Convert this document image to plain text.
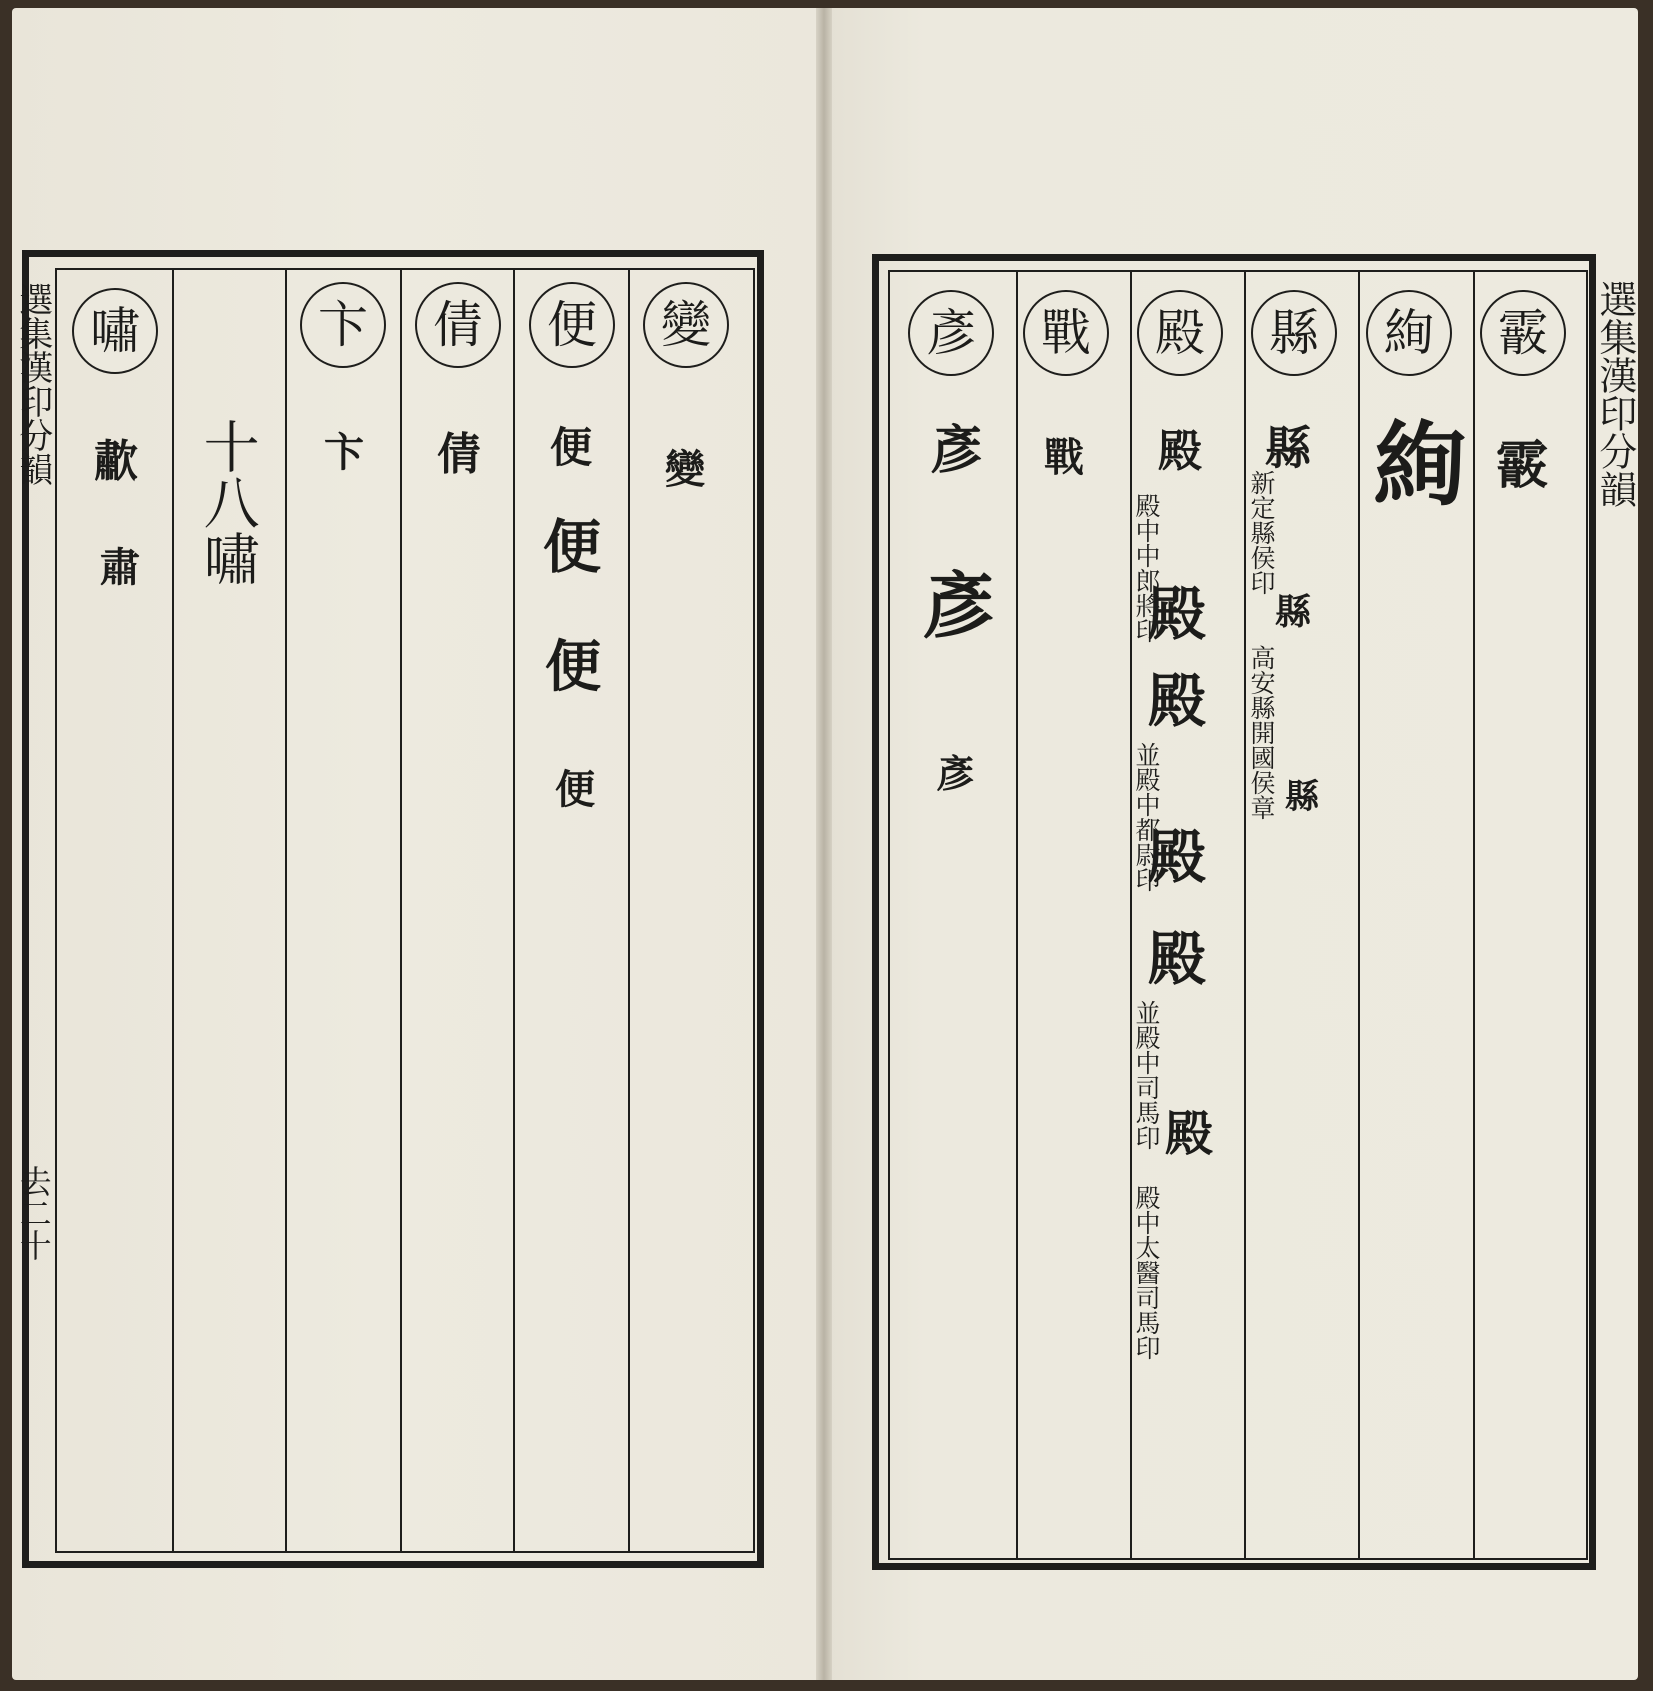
選集漢印分韻
去二十
變
變
便
便
便
便
便
倩
倩
卞
卞
十八嘯
嘯
歗
肅
選集漢印分韻
霰
霰
絢
絢
縣
縣
新定縣侯印
縣
高安縣開國侯章 縣
殿
殿
殿中中郎將印
殿
殿
並殿中都尉印
殿
殿
並殿中司馬印 殿
殿中太醫司馬印
戰
戰
彥
彥
彥
彥
